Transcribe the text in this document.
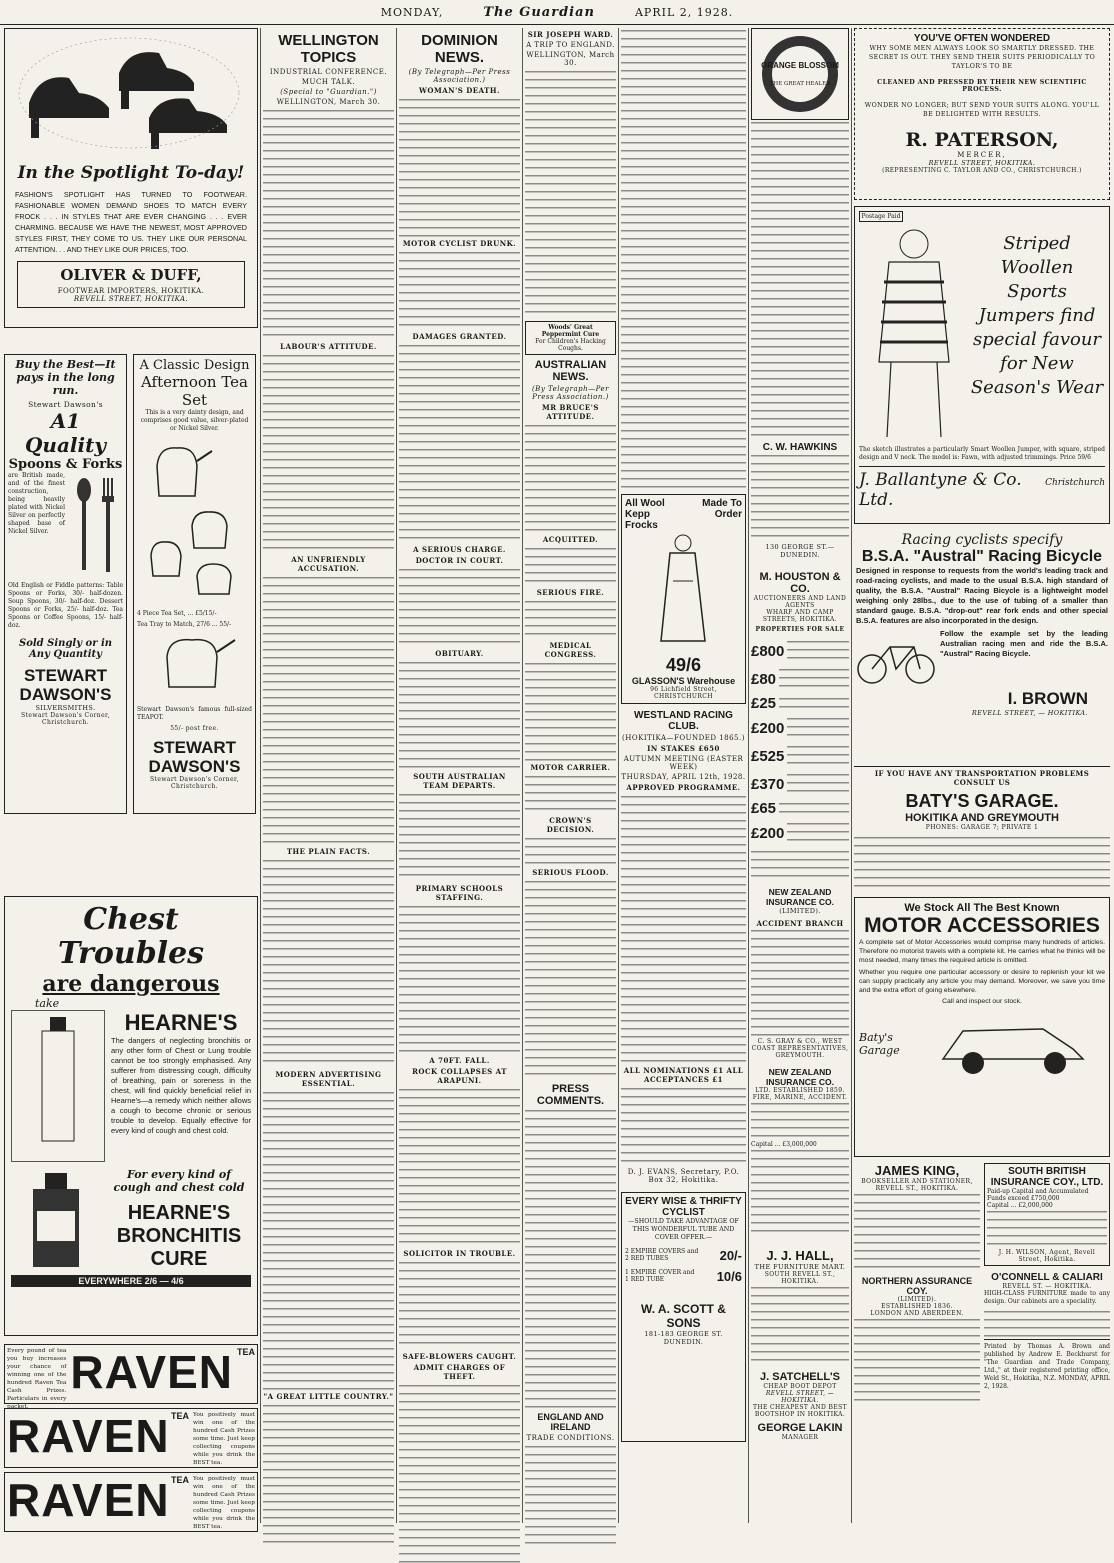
MONDAY,	The Guardian	APRIL 2, 1928.
In the Spotlight To-day!
FASHION'S SPOTLIGHT HAS TURNED TO FOOTWEAR. FASHIONABLE WOMEN DEMAND SHOES TO MATCH EVERY FROCK . . . IN STYLES THAT ARE EVER CHANGING . . . EVER CHARMING. BECAUSE WE HAVE THE NEWEST, MOST APPROVED STYLES FIRST, THEY COME TO US. THEY LIKE OUR PERSONAL ATTENTION. . . AND THEY LIKE OUR PRICES, TOO.
OLIVER & DUFF,
FOOTWEAR IMPORTERS, HOKITIKA.
REVELL STREET, HOKITIKA.
Buy the Best—It pays in the long run.
Stewart Dawson's
A1 Quality
Spoons & Forks
are British made, and of the finest construction, being heavily plated with Nickel Silver on perfectly shaped base of Nickel Silver.
Old English or Fiddle patterns: Table Spoons or Forks, 30/- half-dozen. Soup Spoons, 30/- half-doz. Dessert Spoons or Forks, 25/- half-doz. Tea Spoons or Coffee Spoons, 15/- half-doz.
Sold Singly or in Any Quantity
STEWART DAWSON'S
SILVERSMITHS.
Stewart Dawson's Corner, Christchurch.
A Classic Design
Afternoon Tea Set
This is a very dainty design, and comprises good value, silver-plated or Nickel Silver.
4 Piece Tea Set, ... £5/15/-
Tea Tray to Match, 27/6 ... 55/-
Stewart Dawson's famous full-sized TEAPOT.
55/- post free.
STEWART DAWSON'S
Stewart Dawson's Corner, Christchurch.
Chest Troubles
are dangerous
take
HEARNE'S
The dangers of neglecting bronchitis or any other form of Chest or Lung trouble cannot be too strongly emphasised. Any sufferer from distressing cough, difficulty of breathing, pain or soreness in the chest, will find quickly beneficial relief in Hearne's—a remedy which neither allows a cough to become chronic or serious trouble to develop. Equally effective for every kind of cough and chest cold.
For every kind of cough and chest cold
HEARNE'S BRONCHITIS CURE
EVERYWHERE 2/6 — 4/6
Every pound of tea you buy increases your chance of winning one of the hundred Raven Tea Cash Prizes. Particulars in every packet.
RAVEN TEA
RAVEN TEA You positively must win one of the hundred Cash Prizes some time. Just keep collecting coupons while you drink the BEST tea.
RAVEN TEA You positively must win one of the hundred Cash Prizes some time. Just keep collecting coupons while you drink the BEST tea.
WELLINGTON TOPICS
INDUSTRIAL CONFERENCE.
MUCH TALK.
(Special to "Guardian.")
WELLINGTON, March 30.
LABOUR'S ATTITUDE.
AN UNFRIENDLY ACCUSATION.
THE PLAIN FACTS.
MODERN ADVERTISING ESSENTIAL.
"A GREAT LITTLE COUNTRY."
DOMINION NEWS.
(By Telegraph—Per Press Association.)
WOMAN'S DEATH.
MOTOR CYCLIST DRUNK.
DAMAGES GRANTED.
A SERIOUS CHARGE.
DOCTOR IN COURT.
OBITUARY.
SOUTH AUSTRALIAN TEAM DEPARTS.
PRIMARY SCHOOLS STAFFING.
A 70FT. FALL.
ROCK COLLAPSES AT ARAPUNI.
SOLICITOR IN TROUBLE.
SAFE-BLOWERS CAUGHT.
ADMIT CHARGES OF THEFT.
SIR JOSEPH WARD.
A TRIP TO ENGLAND.
WELLINGTON, March 30.
Woods' Great Peppermint Cure
For Children's Hacking Coughs.
AUSTRALIAN NEWS.
(By Telegraph—Per Press Association.)
MR BRUCE'S ATTITUDE.
ACQUITTED.
SERIOUS FIRE.
MEDICAL CONGRESS.
MOTOR CARRIER.
CROWN'S DECISION.
SERIOUS FLOOD.
PRESS COMMENTS.
ENGLAND AND IRELAND
TRADE CONDITIONS.
All Wool Kepp Frocks
Made To Order
49/6
GLASSON'S Warehouse
96 Lichfield Street, CHRISTCHURCH
WESTLAND RACING CLUB.
(HOKITIKA—FOUNDED 1865.)
IN STAKES £650
AUTUMN MEETING (EASTER WEEK)
THURSDAY, APRIL 12th, 1928.
APPROVED PROGRAMME.
ALL NOMINATIONS £1 ALL ACCEPTANCES £1
D. J. EVANS, Secretary, P.O. Box 32, Hokitika.
EVERY WISE & THRIFTY CYCLIST
—SHOULD TAKE ADVANTAGE OF THIS WONDERFUL TUBE AND COVER OFFER.—
2 EMPIRE COVERS and
2 RED TUBES	20/-
1 EMPIRE COVER and
1 RED TUBE	10/6
W. A. SCOTT & SONS
181-183 GEORGE ST. DUNEDIN.
ORANGE BLOSSOM
THE GREAT HEALER
C. W. HAWKINS
130 GEORGE ST.—DUNEDIN.
M. HOUSTON & CO.
AUCTIONEERS AND LAND AGENTS
WHARF AND CAMP STREETS, HOKITIKA.
PROPERTIES FOR SALE
£800
£80
£25
£200
£525
£370
£65
£200
NEW ZEALAND INSURANCE CO.
(LIMITED).
ACCIDENT BRANCH
C. S. GRAY & CO., WEST COAST REPRESENTATIVES, GREYMOUTH.
NEW ZEALAND INSURANCE CO.
LTD. ESTABLISHED 1859.
FIRE, MARINE, ACCIDENT.
Capital ... £3,000,000
J. J. HALL,
THE FURNITURE MART.
SOUTH REVELL ST., HOKITIKA.
J. SATCHELL'S
CHEAP BOOT DEPOT
REVELL STREET, — HOKITIKA.
THE CHEAPEST AND BEST BOOTSHOP IN HOKITIKA.
GEORGE LAKIN
MANAGER
YOU'VE OFTEN WONDERED
WHY SOME MEN ALWAYS LOOK SO SMARTLY DRESSED. THE SECRET IS OUT. THEY SEND THEIR SUITS PERIODICALLY TO TAYLOR'S TO BE
CLEANED AND PRESSED BY THEIR NEW SCIENTIFIC PROCESS.
WONDER NO LONGER; BUT SEND YOUR SUITS ALONG. YOU'LL BE DELIGHTED WITH RESULTS.
R. PATERSON,
MERCER,
REVELL STREET, HOKITIKA.
(REPRESENTING C. TAYLOR AND CO., CHRISTCHURCH.)
Postage Paid
Striped Woollen Sports Jumpers find special favour for New Season's Wear
The sketch illustrates a particularly Smart Woollen Jumper, with square, striped design and V neck. The model is: Fawn, with adjusted trimmings. Price 59/6
J. Ballantyne & Co. Ltd.
Christchurch
Racing cyclists specify
B.S.A. "Austral" Racing Bicycle
Designed in response to requests from the world's leading track and road-racing cyclists, and made to the usual B.S.A. high standard of quality, the B.S.A. "Austral" Racing Bicycle is a lightweight model weighing only 28lbs., due to the use of tubing of a smaller than standard gauge. B.S.A. "drop-out" rear fork ends and other special B.S.A. features are also incorporated in the design.
Follow the example set by the leading Australian racing men and ride the B.S.A. "Austral" Racing Bicycle.
I. BROWN
REVELL STREET, — HOKITIKA.
IF YOU HAVE ANY TRANSPORTATION PROBLEMS CONSULT US
BATY'S GARAGE.
HOKITIKA AND GREYMOUTH
PHONES: GARAGE 7; PRIVATE 1
We Stock All The Best Known
MOTOR ACCESSORIES
A complete set of Motor Accessories would comprise many hundreds of articles. Therefore no motorist travels with a complete kit. He carries what he thinks will be most needed, many times the required article is omitted.
Whether you require one particular accessory or desire to replenish your kit we can supply practically any article you may demand. Moreover, we save you time and the extra effort of going elsewhere.
Call and inspect our stock.
Baty's Garage
JAMES KING,
BOOKSELLER AND STATIONER,
REVELL ST., HOKITIKA.
NORTHERN ASSURANCE COY.
(LIMITED).
ESTABLISHED 1836.
LONDON AND ABERDEEN.
SOUTH BRITISH INSURANCE COY., LTD.
Paid-up Capital and Accumulated Funds exceed £750,000
Capital ... £2,000,000
J. H. WILSON, Agent, Revell Street, Hokitika.
O'CONNELL & CALIARI
REVELL ST. — HOKITIKA.
HIGH-CLASS FURNITURE made to any design. Our cabinets are a speciality.
Printed by Thomas A. Brown and published by Andrew E. Beckhurst for "The Guardian and Trade Company, Ltd.," at their registered printing office, Weld St., Hokitika, N.Z. MONDAY, APRIL 2, 1928.
